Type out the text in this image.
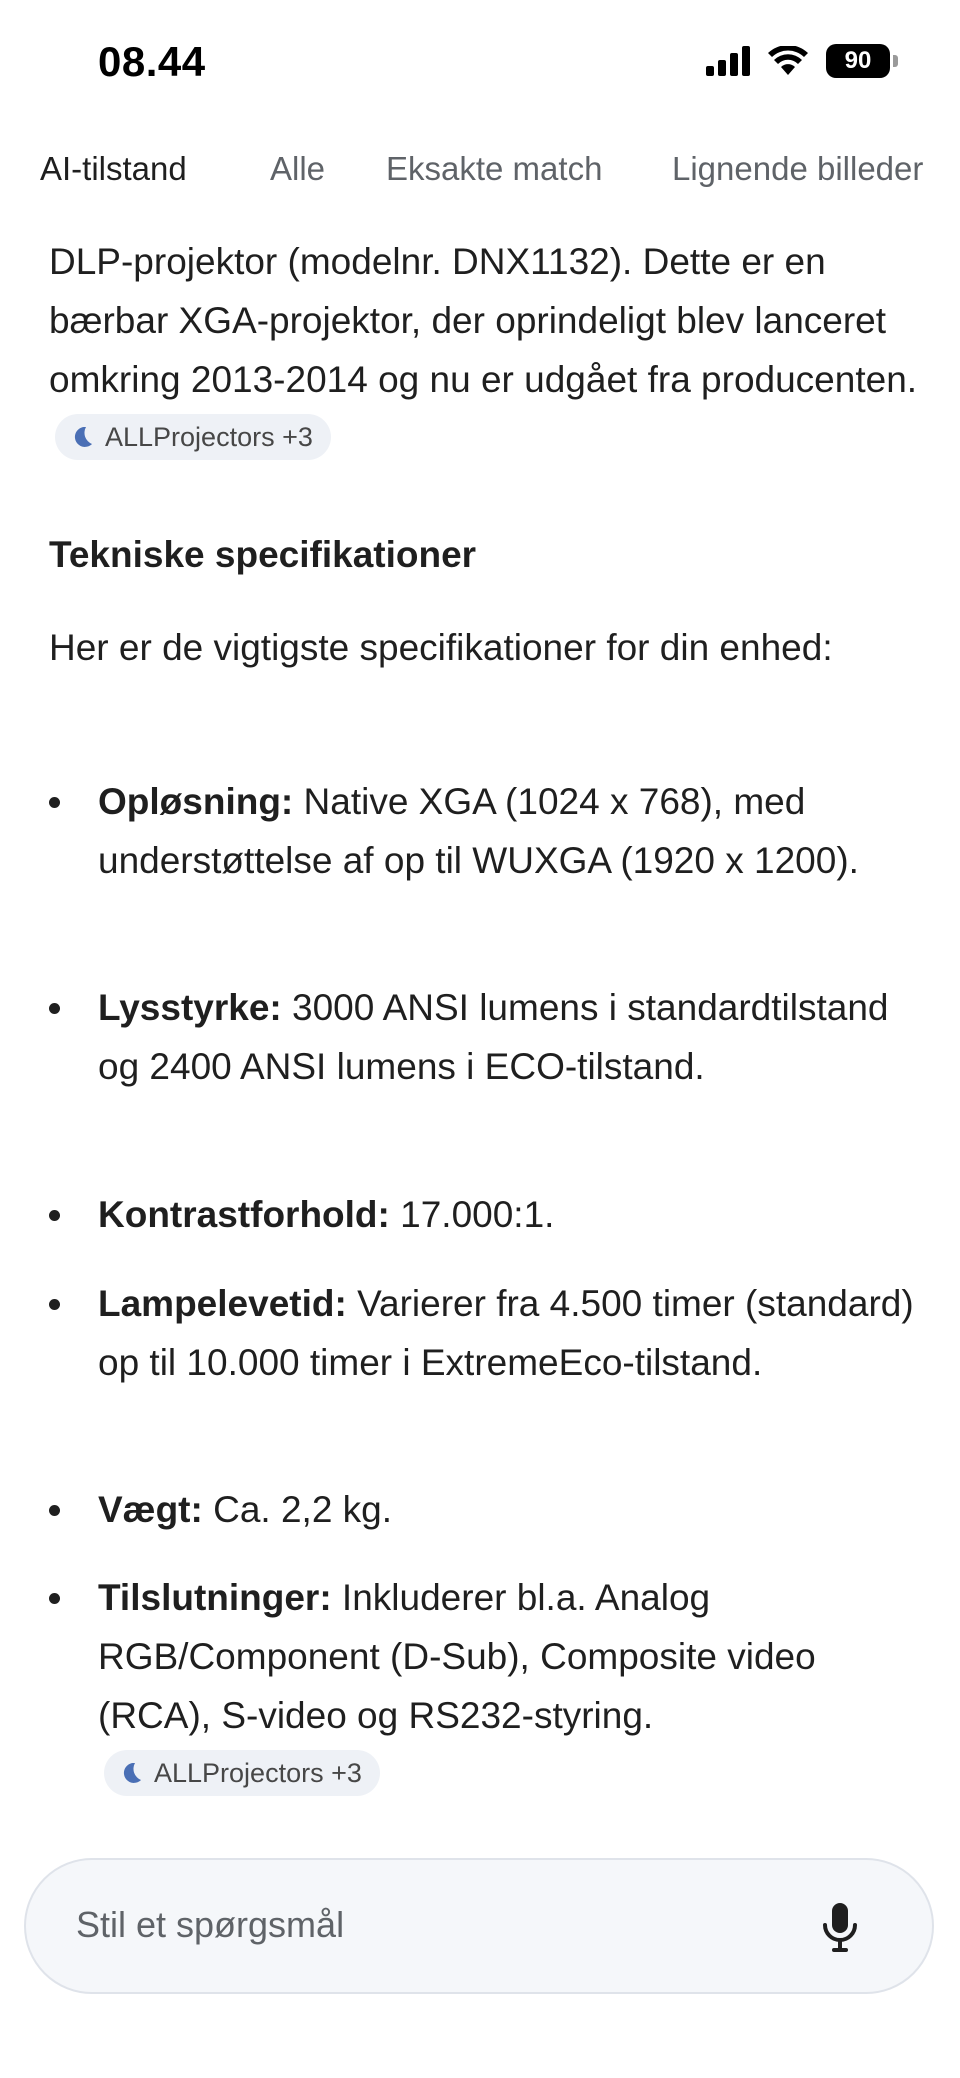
08.44	90
AI-tilstand	Alle Eksakte match Lignende billeder

DLP-projektor (modelnr. DNX1132). Dette er en bærbar XGA-projektor, der oprindeligt blev lanceret omkring 2013-2014 og nu er udgået fra producenten.
ALLProjectors +3

Tekniske specifikationer

Her er de vigtigste specifikationer for din enhed:

Opløsning: Native XGA (1024 x 768), med understøttelse af op til WUXGA (1920 x 1200).
Lysstyrke: 3000 ANSI lumens i standardtilstand og 2400 ANSI lumens i ECO-tilstand.
Kontrastforhold: 17.000:1.
Lampelevetid: Varierer fra 4.500 timer (standard) op til 10.000 timer i ExtremeEco-tilstand.
Vægt: Ca. 2,2 kg.
Tilslutninger: Inkluderer bl.a. Analog RGB/Component (D-Sub), Composite video (RCA), S-video og RS232-styring.
ALLProjectors +3
Stil et spørgsmål
